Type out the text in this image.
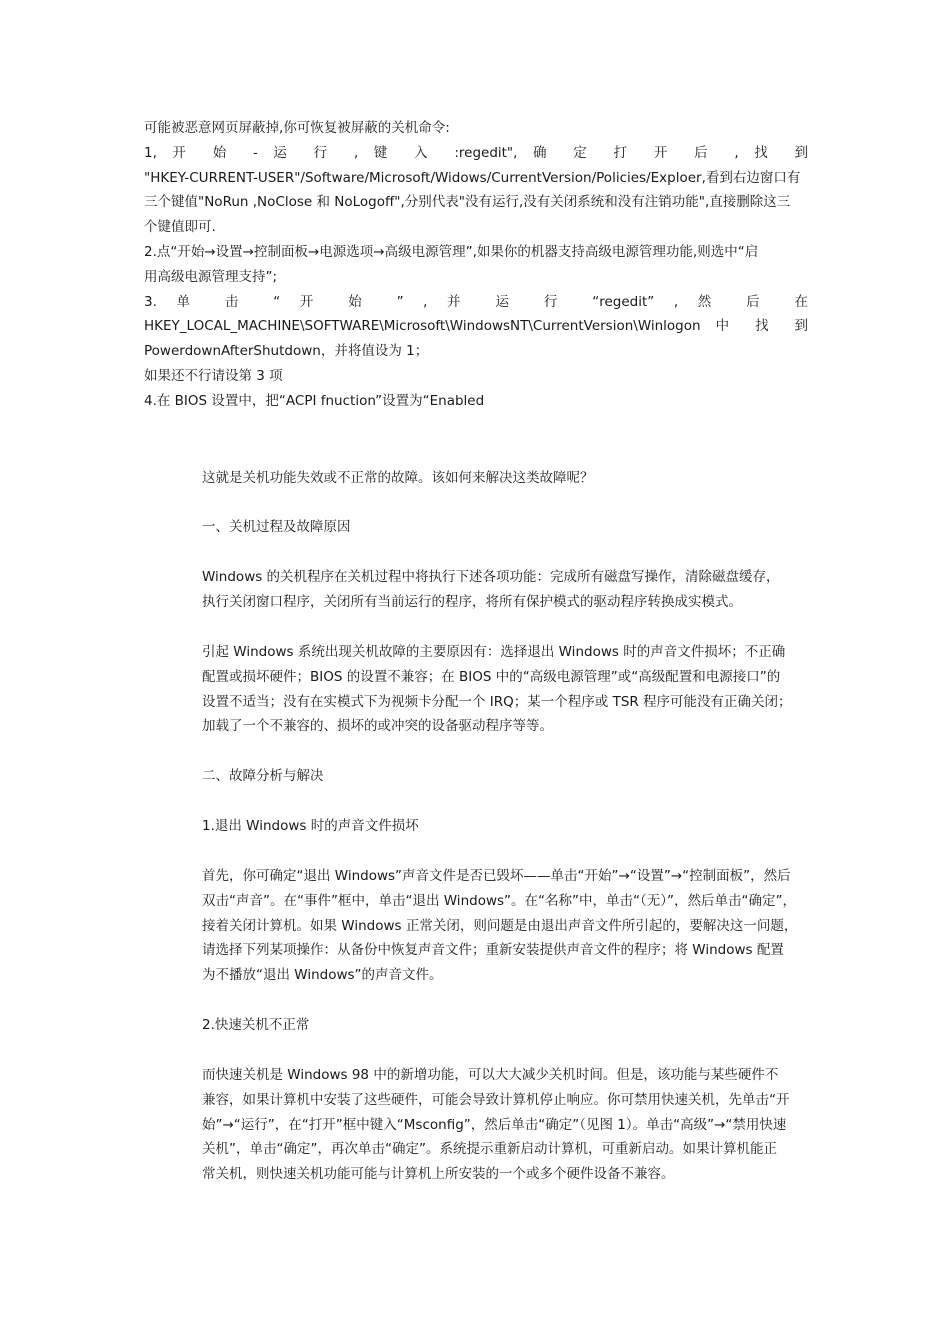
可能被恶意网页屏蔽掉,你可恢复被屏蔽的关机命令:
1, 开 始 - 运 行 , 键 入 :regedit", 确 定 打 开 后 , 找 到
"HKEY-CURRENT-USER"/Software/Microsoft/Widows/CurrentVersion/Policies/Exploer,看到右边窗口有
三个键值"NoRun ,NoClose 和 NoLogoff",分别代表"没有运行,没有关闭系统和没有注销功能",直接删除这三
个键值即可.
2.点“开始→设置→控制面板→电源选项→高级电源管理”,如果你的机器支持高级电源管理功能,则选中“启
用高级电源管理支持”;
3. 单 击 “ 开 始 ” , 并 运 行 “regedit” , 然 后 在
HKEY_LOCAL_MACHINE\SOFTWARE\Microsoft\WindowsNT\CurrentVersion\Winlogon 中 找 到
PowerdownAfterShutdown，并将值设为 1；
如果还不行请设第 3 项
4.在 BIOS 设置中，把“ACPI fnuction”设置为“Enabled
这就是关机功能失效或不正常的故障。该如何来解决这类故障呢？
一、关机过程及故障原因
Windows 的关机程序在关机过程中将执行下述各项功能：完成所有磁盘写操作，清除磁盘缓存，
执行关闭窗口程序，关闭所有当前运行的程序，将所有保护模式的驱动程序转换成实模式。
引起 Windows 系统出现关机故障的主要原因有：选择退出 Windows 时的声音文件损坏；不正确
配置或损坏硬件；BIOS 的设置不兼容；在 BIOS 中的“高级电源管理”或“高级配置和电源接口”的
设置不适当；没有在实模式下为视频卡分配一个 IRQ；某一个程序或 TSR 程序可能没有正确关闭；
加载了一个不兼容的、损坏的或冲突的设备驱动程序等等。
二、故障分析与解决
1.退出 Windows 时的声音文件损坏
首先，你可确定“退出 Windows”声音文件是否已毁坏——单击“开始”→“设置”→“控制面板”，然后
双击“声音”。在“事件”框中，单击“退出 Windows”。在“名称”中，单击“（无）”，然后单击“确定”，
接着关闭计算机。如果 Windows 正常关闭，则问题是由退出声音文件所引起的，要解决这一问题，
请选择下列某项操作：从备份中恢复声音文件；重新安装提供声音文件的程序；将 Windows 配置
为不播放“退出 Windows”的声音文件。
2.快速关机不正常
而快速关机是 Windows 98 中的新增功能，可以大大减少关机时间。但是，该功能与某些硬件不
兼容，如果计算机中安装了这些硬件，可能会导致计算机停止响应。你可禁用快速关机，先单击“开
始”→“运行”，在“打开”框中键入“Msconfig”，然后单击“确定”（见图 1）。单击“高级”→“禁用快速
关机”，单击“确定”，再次单击“确定”。系统提示重新启动计算机，可重新启动。如果计算机能正
常关机，则快速关机功能可能与计算机上所安装的一个或多个硬件设备不兼容。
